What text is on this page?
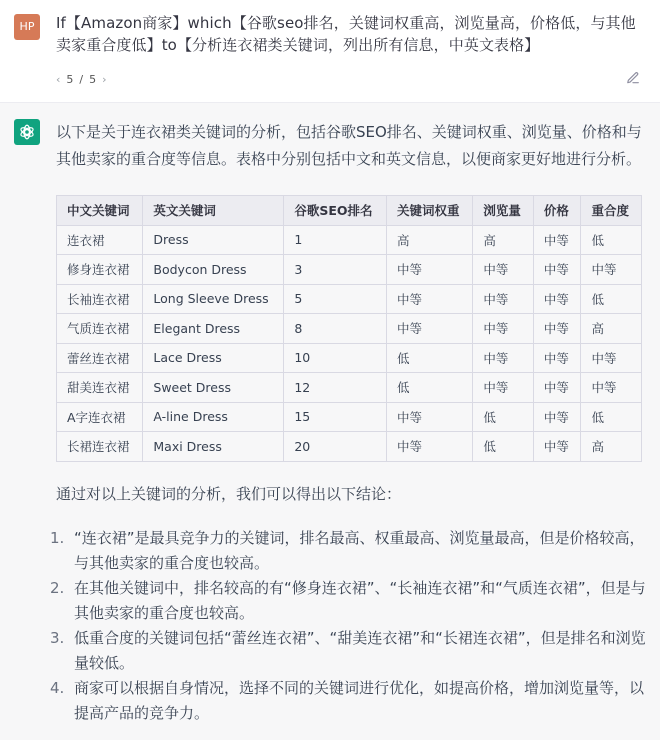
HP	If【Amazon商家】which【谷歌seo排名，关键词权重高，浏览量高，价格低，与其他卖家重合度低】to【分析连衣裙类关键词，列出所有信息，中英文表格】
‹ 5 / 5 ›
以下是关于连衣裙类关键词的分析，包括谷歌SEO排名、关键词权重、浏览量、价格和与其他卖家的重合度等信息。表格中分别包括中文和英文信息，以便商家更好地进行分析。
中文关键词	英文关键词	谷歌SEO排名	关键词权重	浏览量	价格	重合度
连衣裙	Dress	1	高	高	中等	低
修身连衣裙	Bodycon Dress	3	中等	中等	中等	中等
长袖连衣裙	Long Sleeve Dress	5	中等	中等	中等	低
气质连衣裙	Elegant Dress	8	中等	中等	中等	高
蕾丝连衣裙	Lace Dress	10	低	中等	中等	中等
甜美连衣裙	Sweet Dress	12	低	中等	中等	中等
A字连衣裙	A-line Dress	15	中等	低	中等	低
长裙连衣裙	Maxi Dress	20	中等	低	中等	高
通过对以上关键词的分析，我们可以得出以下结论：
1. “连衣裙”是最具竞争力的关键词，排名最高、权重最高、浏览量最高，但是价格较高，与其他卖家的重合度也较高。
2. 在其他关键词中，排名较高的有“修身连衣裙”、“长袖连衣裙”和“气质连衣裙”，但是与其他卖家的重合度也较高。
3. 低重合度的关键词包括“蕾丝连衣裙”、“甜美连衣裙”和“长裙连衣裙”，但是排名和浏览量较低。
4. 商家可以根据自身情况，选择不同的关键词进行优化，如提高价格，增加浏览量等，以提高产品的竞争力。
